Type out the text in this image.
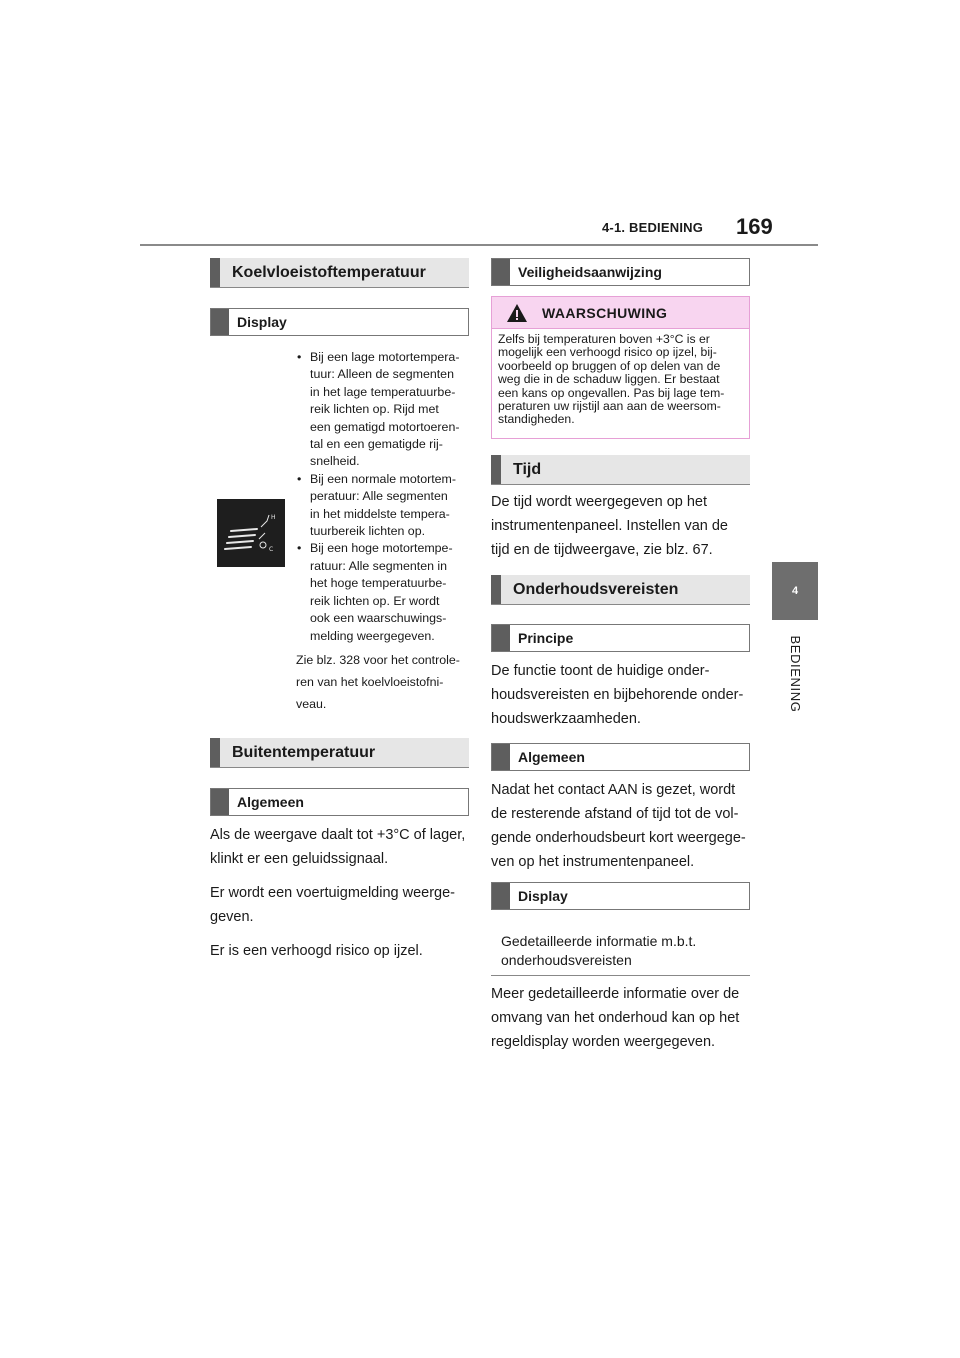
4-1. BEDIENING 169
4
BEDIENING
Koelvloeistoftemperatuur
Display
H
C
• Bij een lage motortempera-
tuur: Alleen de segmenten
in het lage temperatuurbe-
reik lichten op. Rijd met
een gematigd motortoeren-
tal en een gematigde rij-
snelheid.
• Bij een normale motortem-
peratuur: Alle segmenten
in het middelste tempera-
tuurbereik lichten op.
• Bij een hoge motortempe-
ratuur: Alle segmenten in
het hoge temperatuurbe-
reik lichten op. Er wordt
ook een waarschuwings-
melding weergegeven.
Zie blz. 328 voor het controle-
ren van het koelvloeistofni-
veau.
Buitentemperatuur
Algemeen

Als de weergave daalt tot +3°C of lager,
klinkt er een geluidssignaal.

Er wordt een voertuigmelding weerge-
geven.

Er is een verhoogd risico op ijzel.

Veiligheidsaanwijzing
WAARSCHUWING
Zelfs bij temperaturen boven +3°C is er
mogelijk een verhoogd risico op ijzel, bij-
voorbeeld op bruggen of op delen van de
weg die in de schaduw liggen. Er bestaat
een kans op ongevallen. Pas bij lage tem-
peraturen uw rijstijl aan aan de weersom-
standigheden.
Tijd
De tijd wordt weergegeven op het
instrumentenpaneel. Instellen van de
tijd en de tijdweergave, zie blz. 67.
Onderhoudsvereisten
Principe
De functie toont de huidige onder-
houdsvereisten en bijbehorende onder-
houdswerkzaamheden.
Algemeen
Nadat het contact AAN is gezet, wordt
de resterende afstand of tijd tot de vol-
gende onderhoudsbeurt kort weergege-
ven op het instrumentenpaneel.
Display
Gedetailleerde informatie m.b.t.
onderhoudsvereisten
Meer gedetailleerde informatie over de
omvang van het onderhoud kan op het
regeldisplay worden weergegeven.
